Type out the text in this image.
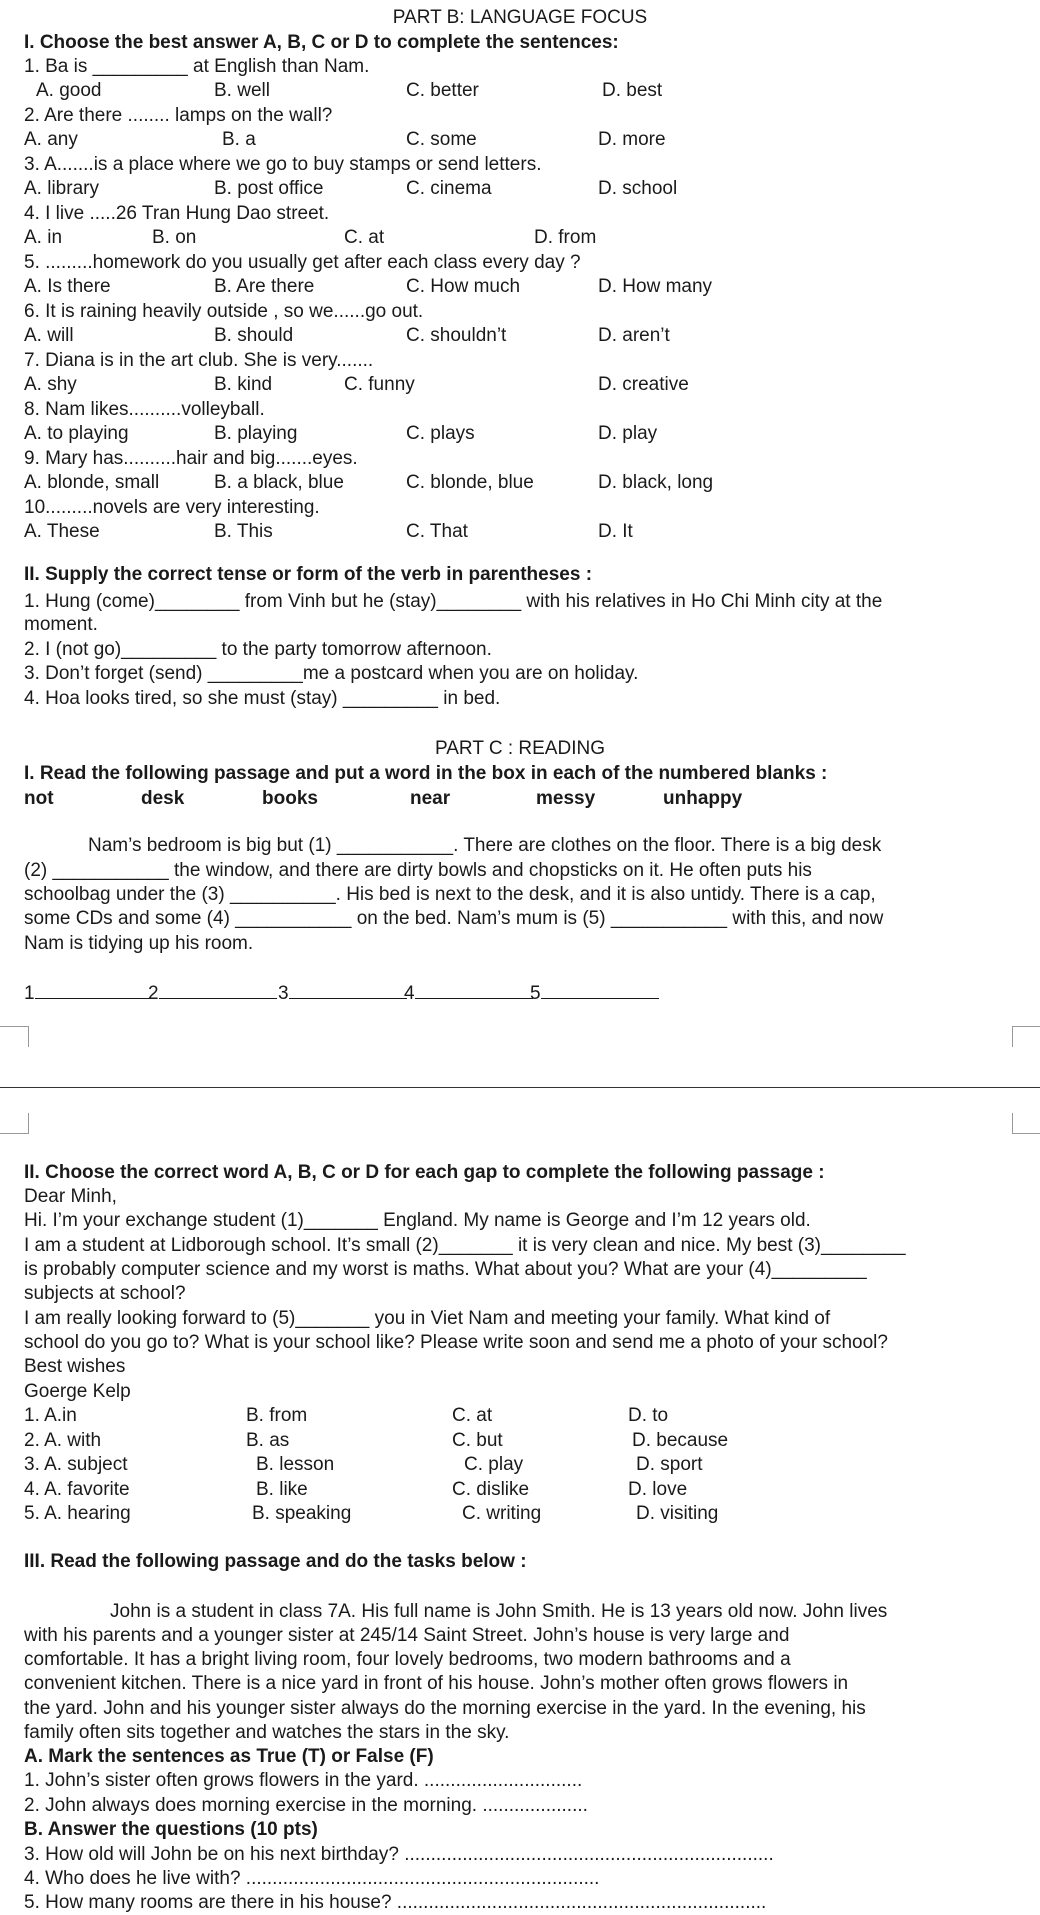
PART B: LANGUAGE FOCUS
I. Choose the best answer A, B, C or D to complete the sentences:
1. Ba is _________ at English than Nam.
A. good	B. well	C. better	D. best
2. Are there ........ lamps on the wall?
A. any	B. a	C. some	D. more
3. A.......is a place where we go to buy stamps or send letters.
A. library	B. post office	C. cinema	D. school
4. I live .....26 Tran Hung Dao street.
A. in	B. on	C. at	D. from
5. .........homework do you usually get after each class every day ?
A. Is there	B. Are there	C. How much	D. How many
6. It is raining heavily outside , so we......go out.
A. will	B. should	C. shouldn’t	D. aren’t
7. Diana is in the art club. She is very.......
A. shy	B. kind	C. funny	D. creative
8. Nam likes..........volleyball.
A. to playing	B. playing	C. plays	D. play
9. Mary has..........hair and big.......eyes.
A. blonde, small	B. a black, blue	C. blonde, blue	D. black, long
10.........novels are very interesting.
A. These	B. This	C. That	D. It
II. Supply the correct tense or form of the verb in parentheses :
1. Hung (come)________ from Vinh but he (stay)________ with his relatives in Ho Chi Minh city at the
moment.
2. I (not go)_________ to the party tomorrow afternoon.
3. Don’t forget (send) _________me a postcard when you are on holiday.
4. Hoa looks tired, so she must (stay) _________ in bed.
PART C : READING
I. Read the following passage and put a word in the box in each of the numbered blanks :
not	desk	books	near	messy	unhappy
Nam’s bedroom is big but (1) ___________. There are clothes on the floor. There is a big desk
(2) ___________ the window, and there are dirty bowls and chopsticks on it. He often puts his
schoolbag under the (3) __________. His bed is next to the desk, and it is also untidy. There is a cap,
some CDs and some (4) ___________ on the bed. Nam’s mum is (5) ___________ with this, and now
Nam is tidying up his room.
1	2	3	4	5
II. Choose the correct word A, B, C or D for each gap to complete the following passage :
Dear Minh,
Hi. I’m your exchange student (1)_______ England. My name is George and I’m 12 years old.
I am a student at Lidborough school. It’s small (2)_______ it is very clean and nice. My best (3)________
is probably computer science and my worst is maths. What about you? What are your (4)_________
subjects at school?
I am really looking forward to (5)_______ you in Viet Nam and meeting your family. What kind of
school do you go to? What is your school like? Please write soon and send me a photo of your school?
Best wishes
Goerge Kelp
1. A.in	B. from	C. at	D. to
2. A. with	B. as	C. but	D. because
3. A. subject	B. lesson	C. play	D. sport
4. A. favorite	B. like	C. dislike	D. love
5. A. hearing	B. speaking	C. writing	D. visiting
III. Read the following passage and do the tasks below :
John is a student in class 7A. His full name is John Smith. He is 13 years old now. John lives
with his parents and a younger sister at 245/14 Saint Street. John’s house is very large and
comfortable. It has a bright living room, four lovely bedrooms, two modern bathrooms and a
convenient kitchen. There is a nice yard in front of his house. John’s mother often grows flowers in
the yard. John and his younger sister always do the morning exercise in the yard. In the evening, his
family often sits together and watches the stars in the sky.
A. Mark the sentences as True (T) or False (F)
1. John’s sister often grows flowers in the yard. ..............................
2. John always does morning exercise in the morning. ....................
B. Answer the questions (10 pts)
3. How old will John be on his next birthday? ......................................................................
4. Who does he live with? ...................................................................
5. How many rooms are there in his house? ......................................................................
